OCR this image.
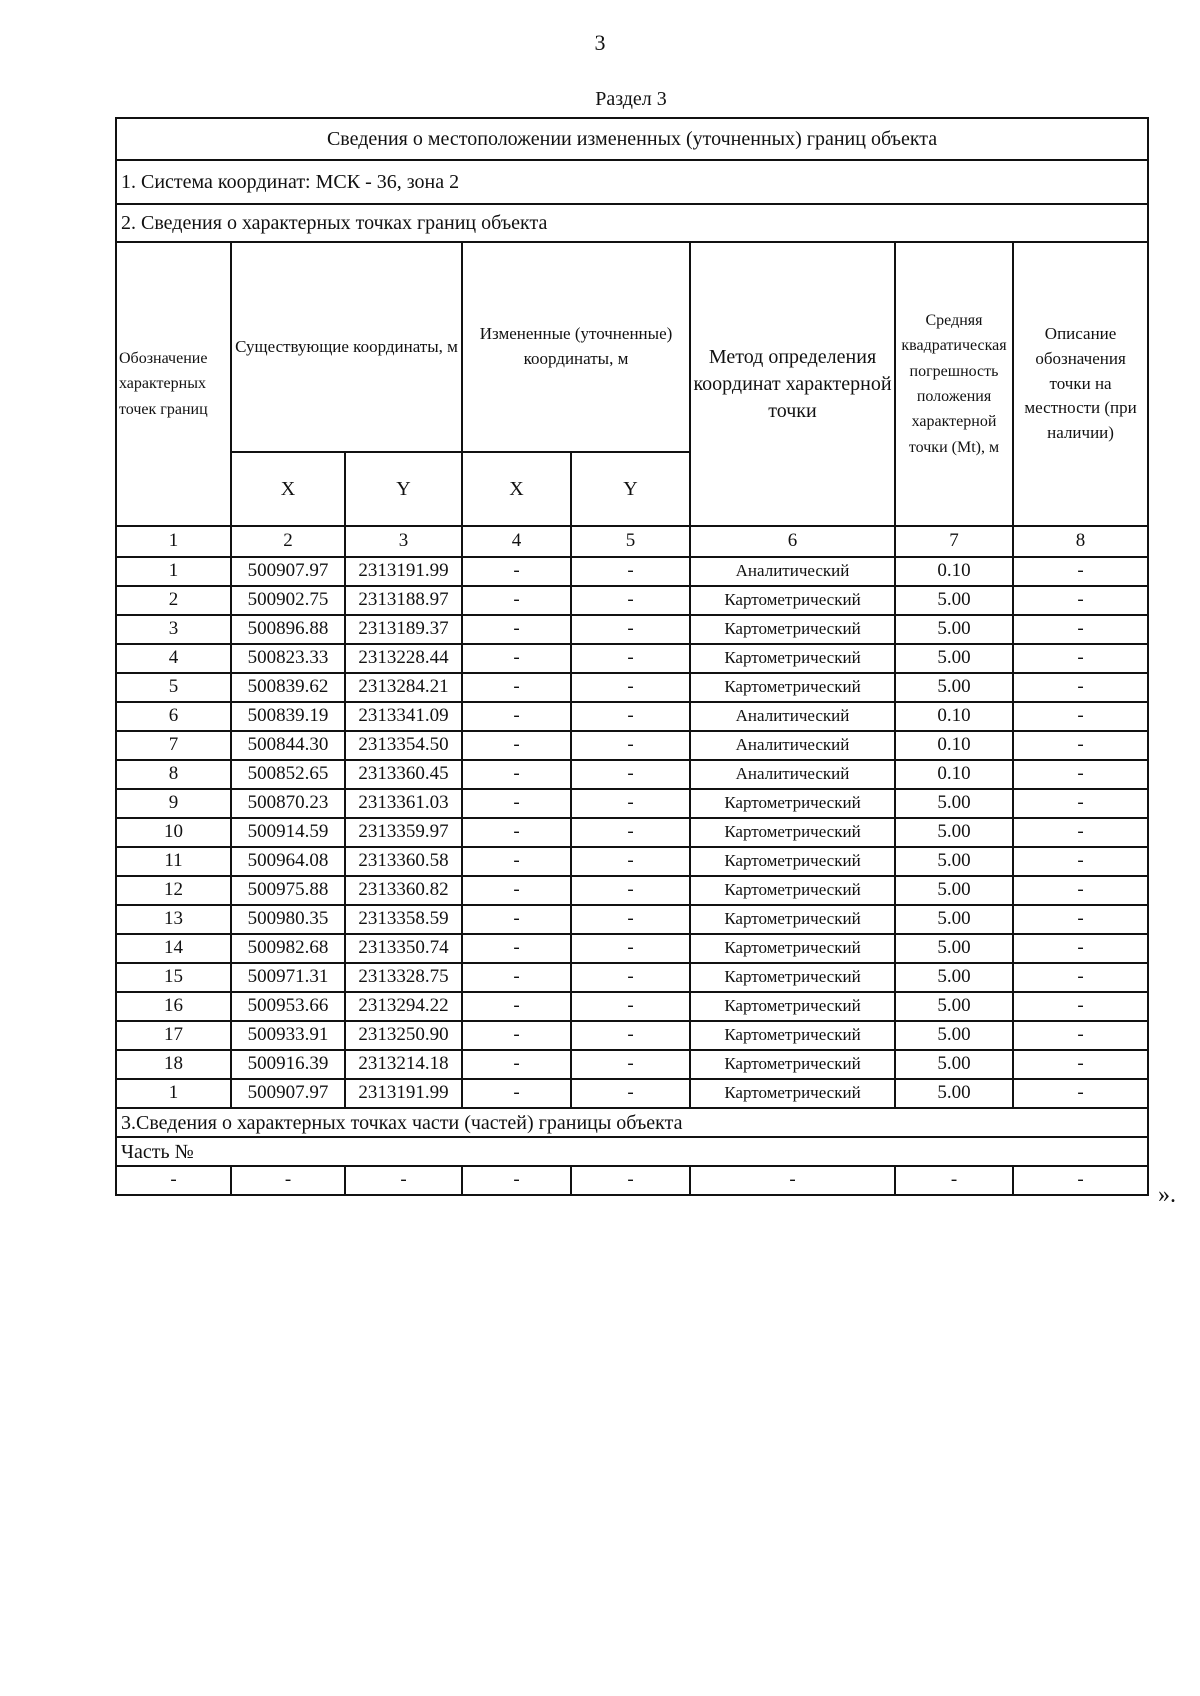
3
Раздел 3
Сведения о местоположении измененных (уточненных) границ объекта							
1. Система координат: МСК - 36, зона 2							
2. Сведения о характерных точках границ объекта							
Обозначение характерных точек границ	Существующие координаты, м		Измененные (уточненные) координаты, м		Метод определения координат характерной точки	Средняя квадратическая погрешность положения характерной точки (Mt), м	Описание обозначения точки на местности (при наличии)
	X	Y	X	Y			
1	2	3	4	5	6	7	8
1	500907.97	2313191.99	-	-	Аналитический	0.10	-
2	500902.75	2313188.97	-	-	Картометрический	5.00	-
3	500896.88	2313189.37	-	-	Картометрический	5.00	-
4	500823.33	2313228.44	-	-	Картометрический	5.00	-
5	500839.62	2313284.21	-	-	Картометрический	5.00	-
6	500839.19	2313341.09	-	-	Аналитический	0.10	-
7	500844.30	2313354.50	-	-	Аналитический	0.10	-
8	500852.65	2313360.45	-	-	Аналитический	0.10	-
9	500870.23	2313361.03	-	-	Картометрический	5.00	-
10	500914.59	2313359.97	-	-	Картометрический	5.00	-
11	500964.08	2313360.58	-	-	Картометрический	5.00	-
12	500975.88	2313360.82	-	-	Картометрический	5.00	-
13	500980.35	2313358.59	-	-	Картометрический	5.00	-
14	500982.68	2313350.74	-	-	Картометрический	5.00	-
15	500971.31	2313328.75	-	-	Картометрический	5.00	-
16	500953.66	2313294.22	-	-	Картометрический	5.00	-
17	500933.91	2313250.90	-	-	Картометрический	5.00	-
18	500916.39	2313214.18	-	-	Картометрический	5.00	-
1	500907.97	2313191.99	-	-	Картометрический	5.00	-
3.Сведения о характерных точках части (частей) границы объекта							
Часть №							
-	-	-	-	-	-	-	-
».
